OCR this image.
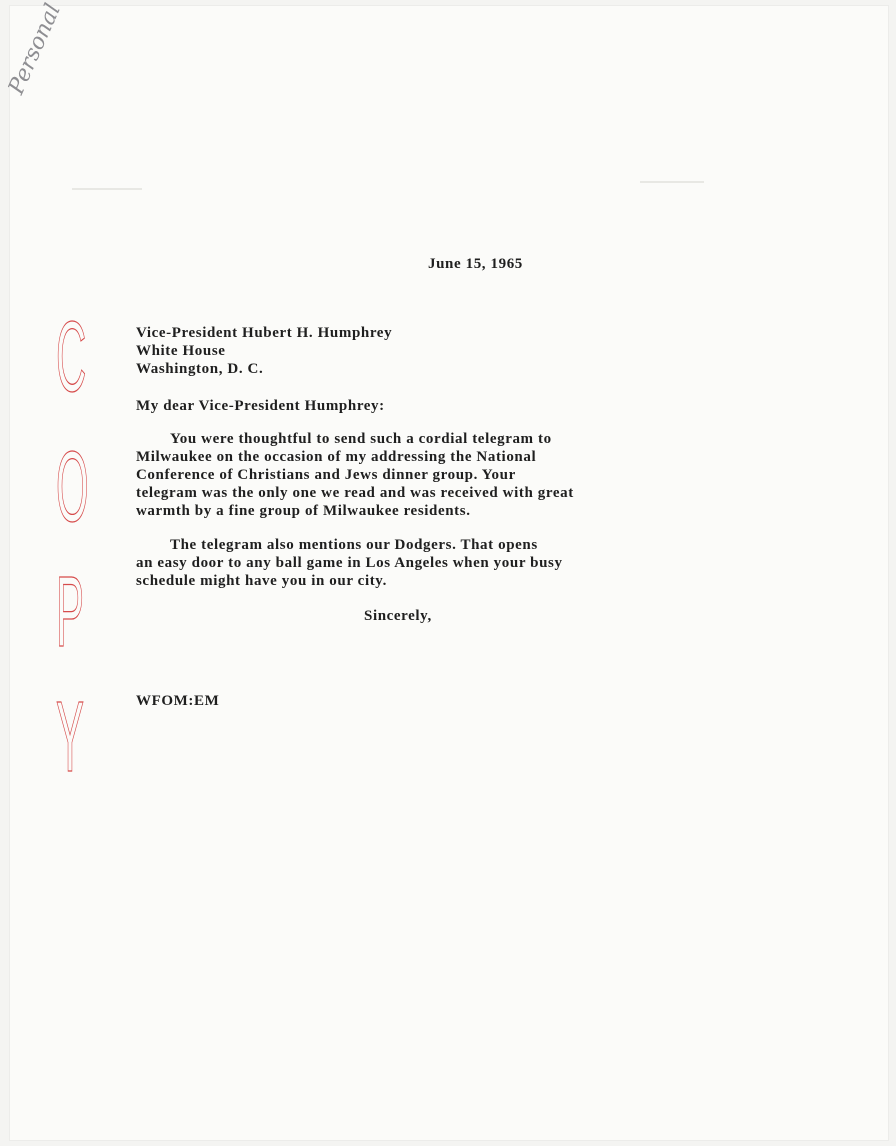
Personal
C
O
P
Y
June 15, 1965
Vice-President Hubert H. Humphrey
White House
Washington, D. C.
My dear Vice-President Humphrey:
You were thoughtful to send such a cordial telegram to
Milwaukee on the occasion of my addressing the National
Conference of Christians and Jews dinner group. Your
telegram was the only one we read and was received with great
warmth by a fine group of Milwaukee residents.
The telegram also mentions our Dodgers. That opens
an easy door to any ball game in Los Angeles when your busy
schedule might have you in our city.
Sincerely,
WFOM:EM
